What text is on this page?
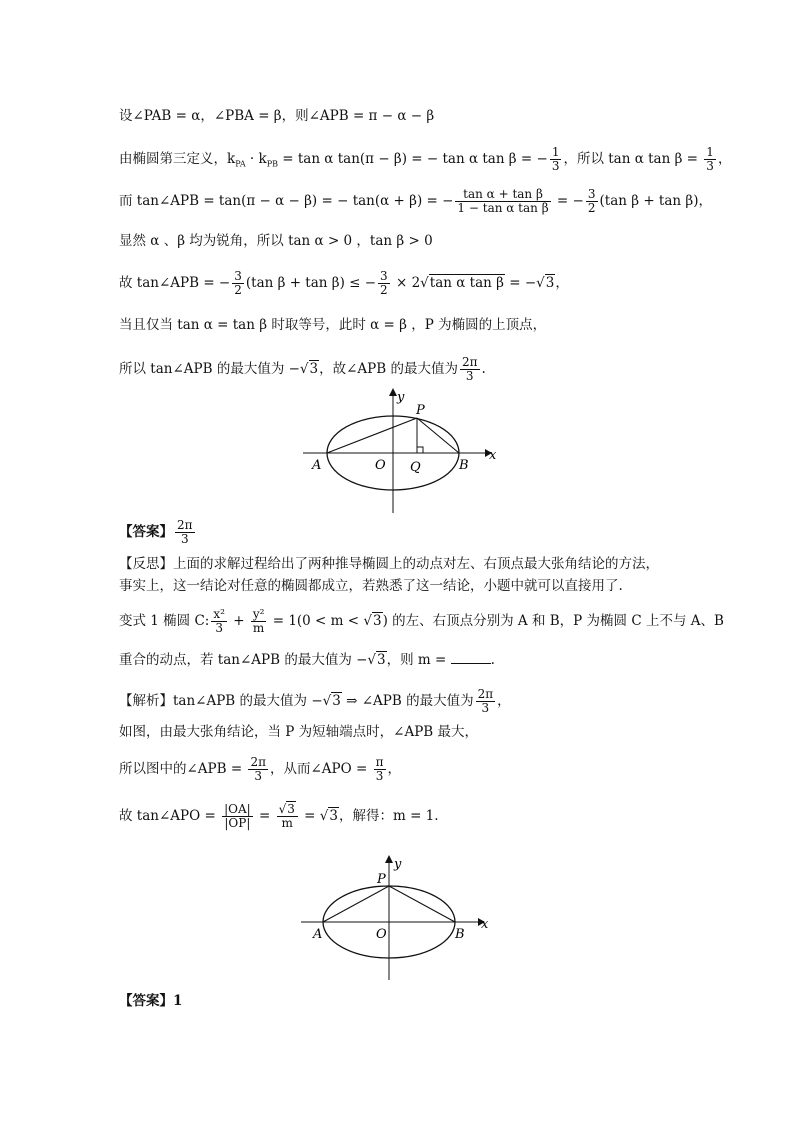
设∠PAB = α，∠PBA = β，则∠APB = π − α − β
由椭圆第三定义，$k_{PA} \cdot k_{PB} = \tan \alpha$ tan(π − β) = − tan α tan β = − $\frac{1}{3}$ ，所以 tan α $\tan \beta = \frac{1}{3}$ ，
而 tan∠APB = tan(π − α − β) = − tan(α + β) = − $\frac{\text{tan α + tan β}}{\text{1 − tan α tan β}}$ = − $\frac{3}{2} (\tan$ β + tan β)，
显然 α 、β 均为锐角，所以 tan α > 0 ，tan β > 0
故 tan∠APB = − $\frac{3}{2} (\tan$ β + tan β) ≤ − $\frac{3}{2} \times 2√\tan$ α tan β = −√3，
当且仅当 tan α = tan β 时取等号，此时 α = β ，P 为椭圆的上顶点，
所以 tan∠APB 的最大值为 −√3，故∠APB 的最大值为 $\frac{2\pi}{3}$ .
y
x
P
A	O Q	B
【答案】 $\frac{2\pi}{3}$
【反思】上面的求解过程给出了两种推导椭圆上的动点对左、右顶点最大张角结论的方法，
事实上，这一结论对任意的椭圆都成立，若熟悉了这一结论，小题中就可以直接用了.
变式 1 椭圆 C: $\frac{\text{x²}}{3} + \frac{\text{y²}}{m} = 1(0 < m < √3)$ 的左、右顶点分别为 A 和 B，P 为椭圆 C 上不与 A、B
重合的动点，若 tan∠APB 的最大值为 −√3，则 m =	.
【解析】tan∠APB 的最大值为 −√3 ⇒ ∠APB 的最大值为 $\frac{2\pi}{3}$ ，
如图，由最大张角结论，当 P 为短轴端点时，∠APB 最大，
所以图中的∠APB = $\frac{2\pi}{3}$ ，从而∠APO = $\frac{\pi}{3}$ ，
故 tan∠APO = $\frac{|OA|}{|OP|} = \frac{√3}{m} = √3$，解得：m = 1.
y
x
P
A	O	B
【答案】1
